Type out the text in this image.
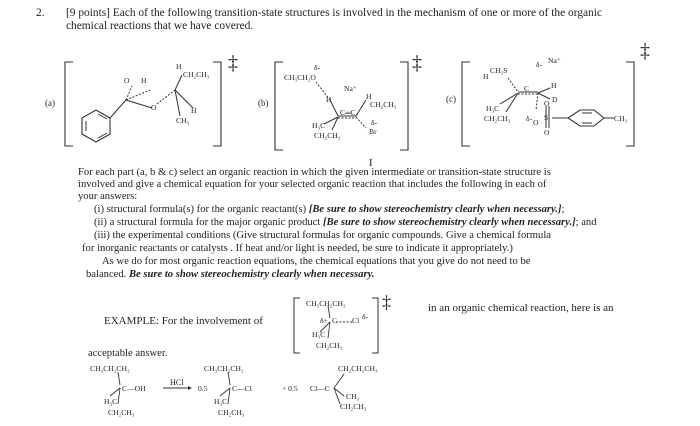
2. [9 points] Each of the following transition-state structures is involved in the mechanism of one or more of the organic
chemical reactions that we have covered.
(a)
O H
O
H
CH₂CH₃
H
CH₃
‡
(b)
CH₃CH₂O
δ-
Na⁺
H	H
CH₂CH₃
C═C
H₃C
CH₂CH₃
δ-
Br
‡
(c)
δ- Na⁺
H
CH₃S
C	H
D
H₃C
CH₂CH₃ δ-
O
S
O
O	CH₃
‡
I
For each part (a, b & c) select an organic reaction in which the given intermediate or transition-state structure is
involved and give a chemical equation for your selected organic reaction that includes the following in each of
your answers:
(i) structural formula(s) for the organic reactant(s) [Be sure to show stereochemistry clearly when necessary.];
(ii) a structural formula for the major organic product [Be sure to show stereochemistry clearly when necessary.]; and
(iii) the experimental conditions (Give structural formulas for organic compounds. Give a chemical formula
for inorganic reactants or catalysts . If heat and/or light is needed, be sure to indicate it appropriately.)
As we do for most organic reaction equations, the chemical equations that you give do not need to be
balanced. Be sure to show stereochemistry clearly when necessary.
EXAMPLE: For the involvement of
in an organic chemical reaction, here is an
CH₃CH₂CH₂
δ+ C Cl δ-
H₃C
CH₂CH₃
‡
acceptable answer.
CH₃CH₂CH₂
C—OH
H₃C
CH₂CH₃
HCl
0.5
CH₃CH₂CH₂
C—Cl
H₃C
CH₂CH₃
+ 0.5 Cl—C
CH₂CH₂CH₃
CH₃
CH₂CH₃
